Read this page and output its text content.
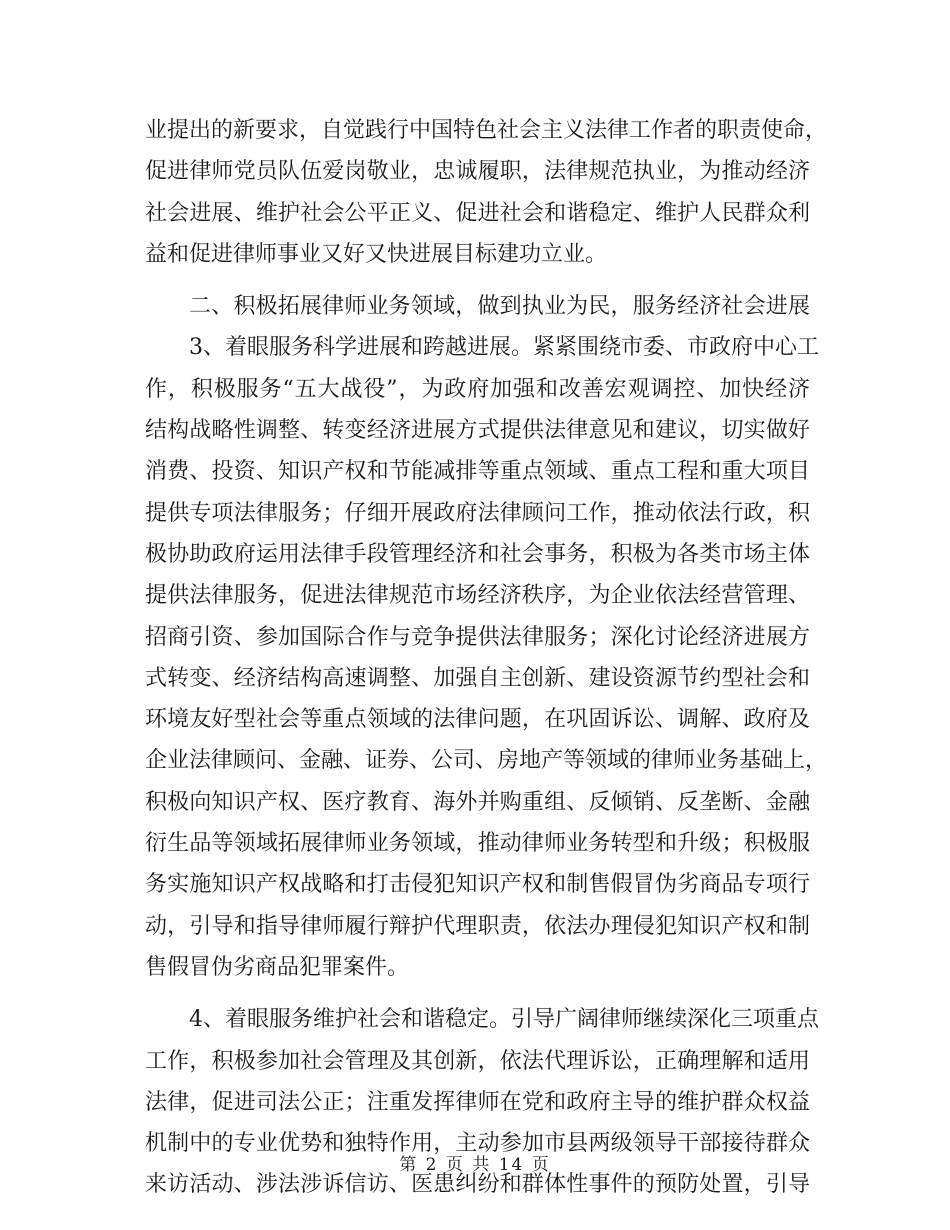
业提出的新要求，自觉践行中国特色社会主义法律工作者的职责使命，
促进律师党员队伍爱岗敬业，忠诚履职，法律规范执业，为推动经济
社会进展、维护社会公平正义、促进社会和谐稳定、维护人民群众利
益和促进律师事业又好又快进展目标建功立业。
二、积极拓展律师业务领域，做到执业为民，服务经济社会进展
3、着眼服务科学进展和跨越进展。紧紧围绕市委、市政府中心工
作，积极服务“五大战役”，为政府加强和改善宏观调控、加快经济
结构战略性调整、转变经济进展方式提供法律意见和建议，切实做好
消费、投资、知识产权和节能减排等重点领域、重点工程和重大项目
提供专项法律服务；仔细开展政府法律顾问工作，推动依法行政，积
极协助政府运用法律手段管理经济和社会事务，积极为各类市场主体
提供法律服务，促进法律规范市场经济秩序，为企业依法经营管理、
招商引资、参加国际合作与竞争提供法律服务；深化讨论经济进展方
式转变、经济结构高速调整、加强自主创新、建设资源节约型社会和
环境友好型社会等重点领域的法律问题，在巩固诉讼、调解、政府及
企业法律顾问、金融、证券、公司、房地产等领域的律师业务基础上，
积极向知识产权、医疗教育、海外并购重组、反倾销、反垄断、金融
衍生品等领域拓展律师业务领域，推动律师业务转型和升级；积极服
务实施知识产权战略和打击侵犯知识产权和制售假冒伪劣商品专项行
动，引导和指导律师履行辩护代理职责，依法办理侵犯知识产权和制
售假冒伪劣商品犯罪案件。
4、着眼服务维护社会和谐稳定。引导广阔律师继续深化三项重点
工作，积极参加社会管理及其创新，依法代理诉讼，正确理解和适用
法律，促进司法公正；注重发挥律师在党和政府主导的维护群众权益
机制中的专业优势和独特作用，主动参加市县两级领导干部接待群众
来访活动、涉法涉诉信访、医患纠纷和群体性事件的预防处置，引导
第 2 页 共 14 页
